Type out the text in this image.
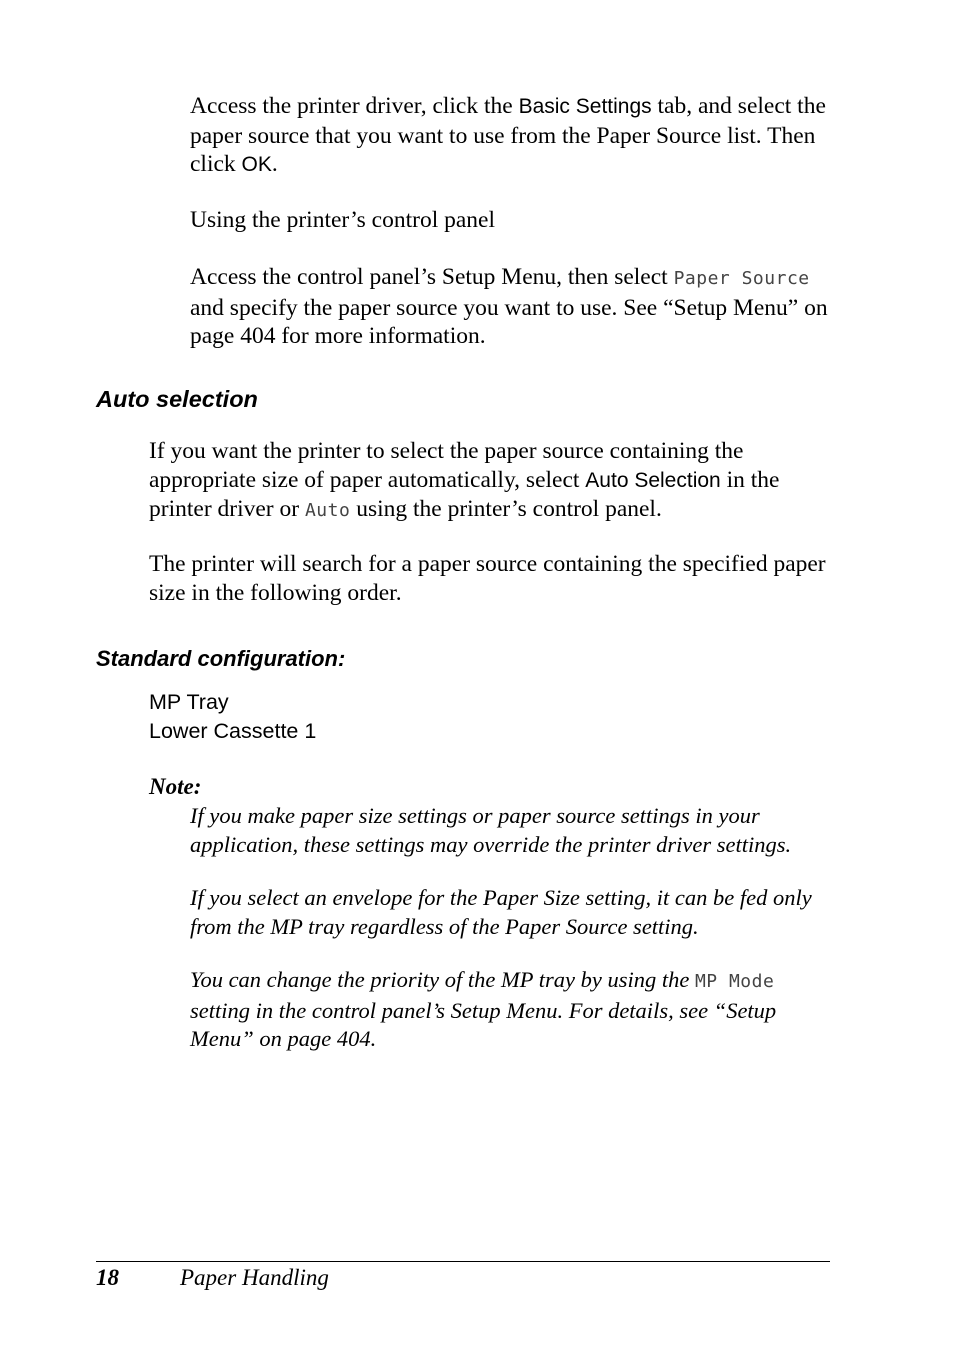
Access the printer driver, click the Basic Settings tab, and select the paper source that you want to use from the Paper Source list. Then click OK.

Using the printer’s control panel

Access the control panel’s Setup Menu, then select Paper Source and specify the paper source you want to use. See “Setup Menu” on page 404 for more information.

Auto selection

If you want the printer to select the paper source containing the appropriate size of paper automatically, select Auto Selection in the printer driver or Auto using the printer’s control panel.

The printer will search for a paper source containing the specified paper size in the following order.

Standard configuration:
MP Tray
Lower Cassette 1

Note:

If you make paper size settings or paper source settings in your application, these settings may override the printer driver settings.

If you select an envelope for the Paper Size setting, it can be fed only from the MP tray regardless of the Paper Source setting.

You can change the priority of the MP tray by using the MP Mode setting in the control panel’s Setup Menu. For details, see “Setup Menu” on page 404.

18	Paper Handling
